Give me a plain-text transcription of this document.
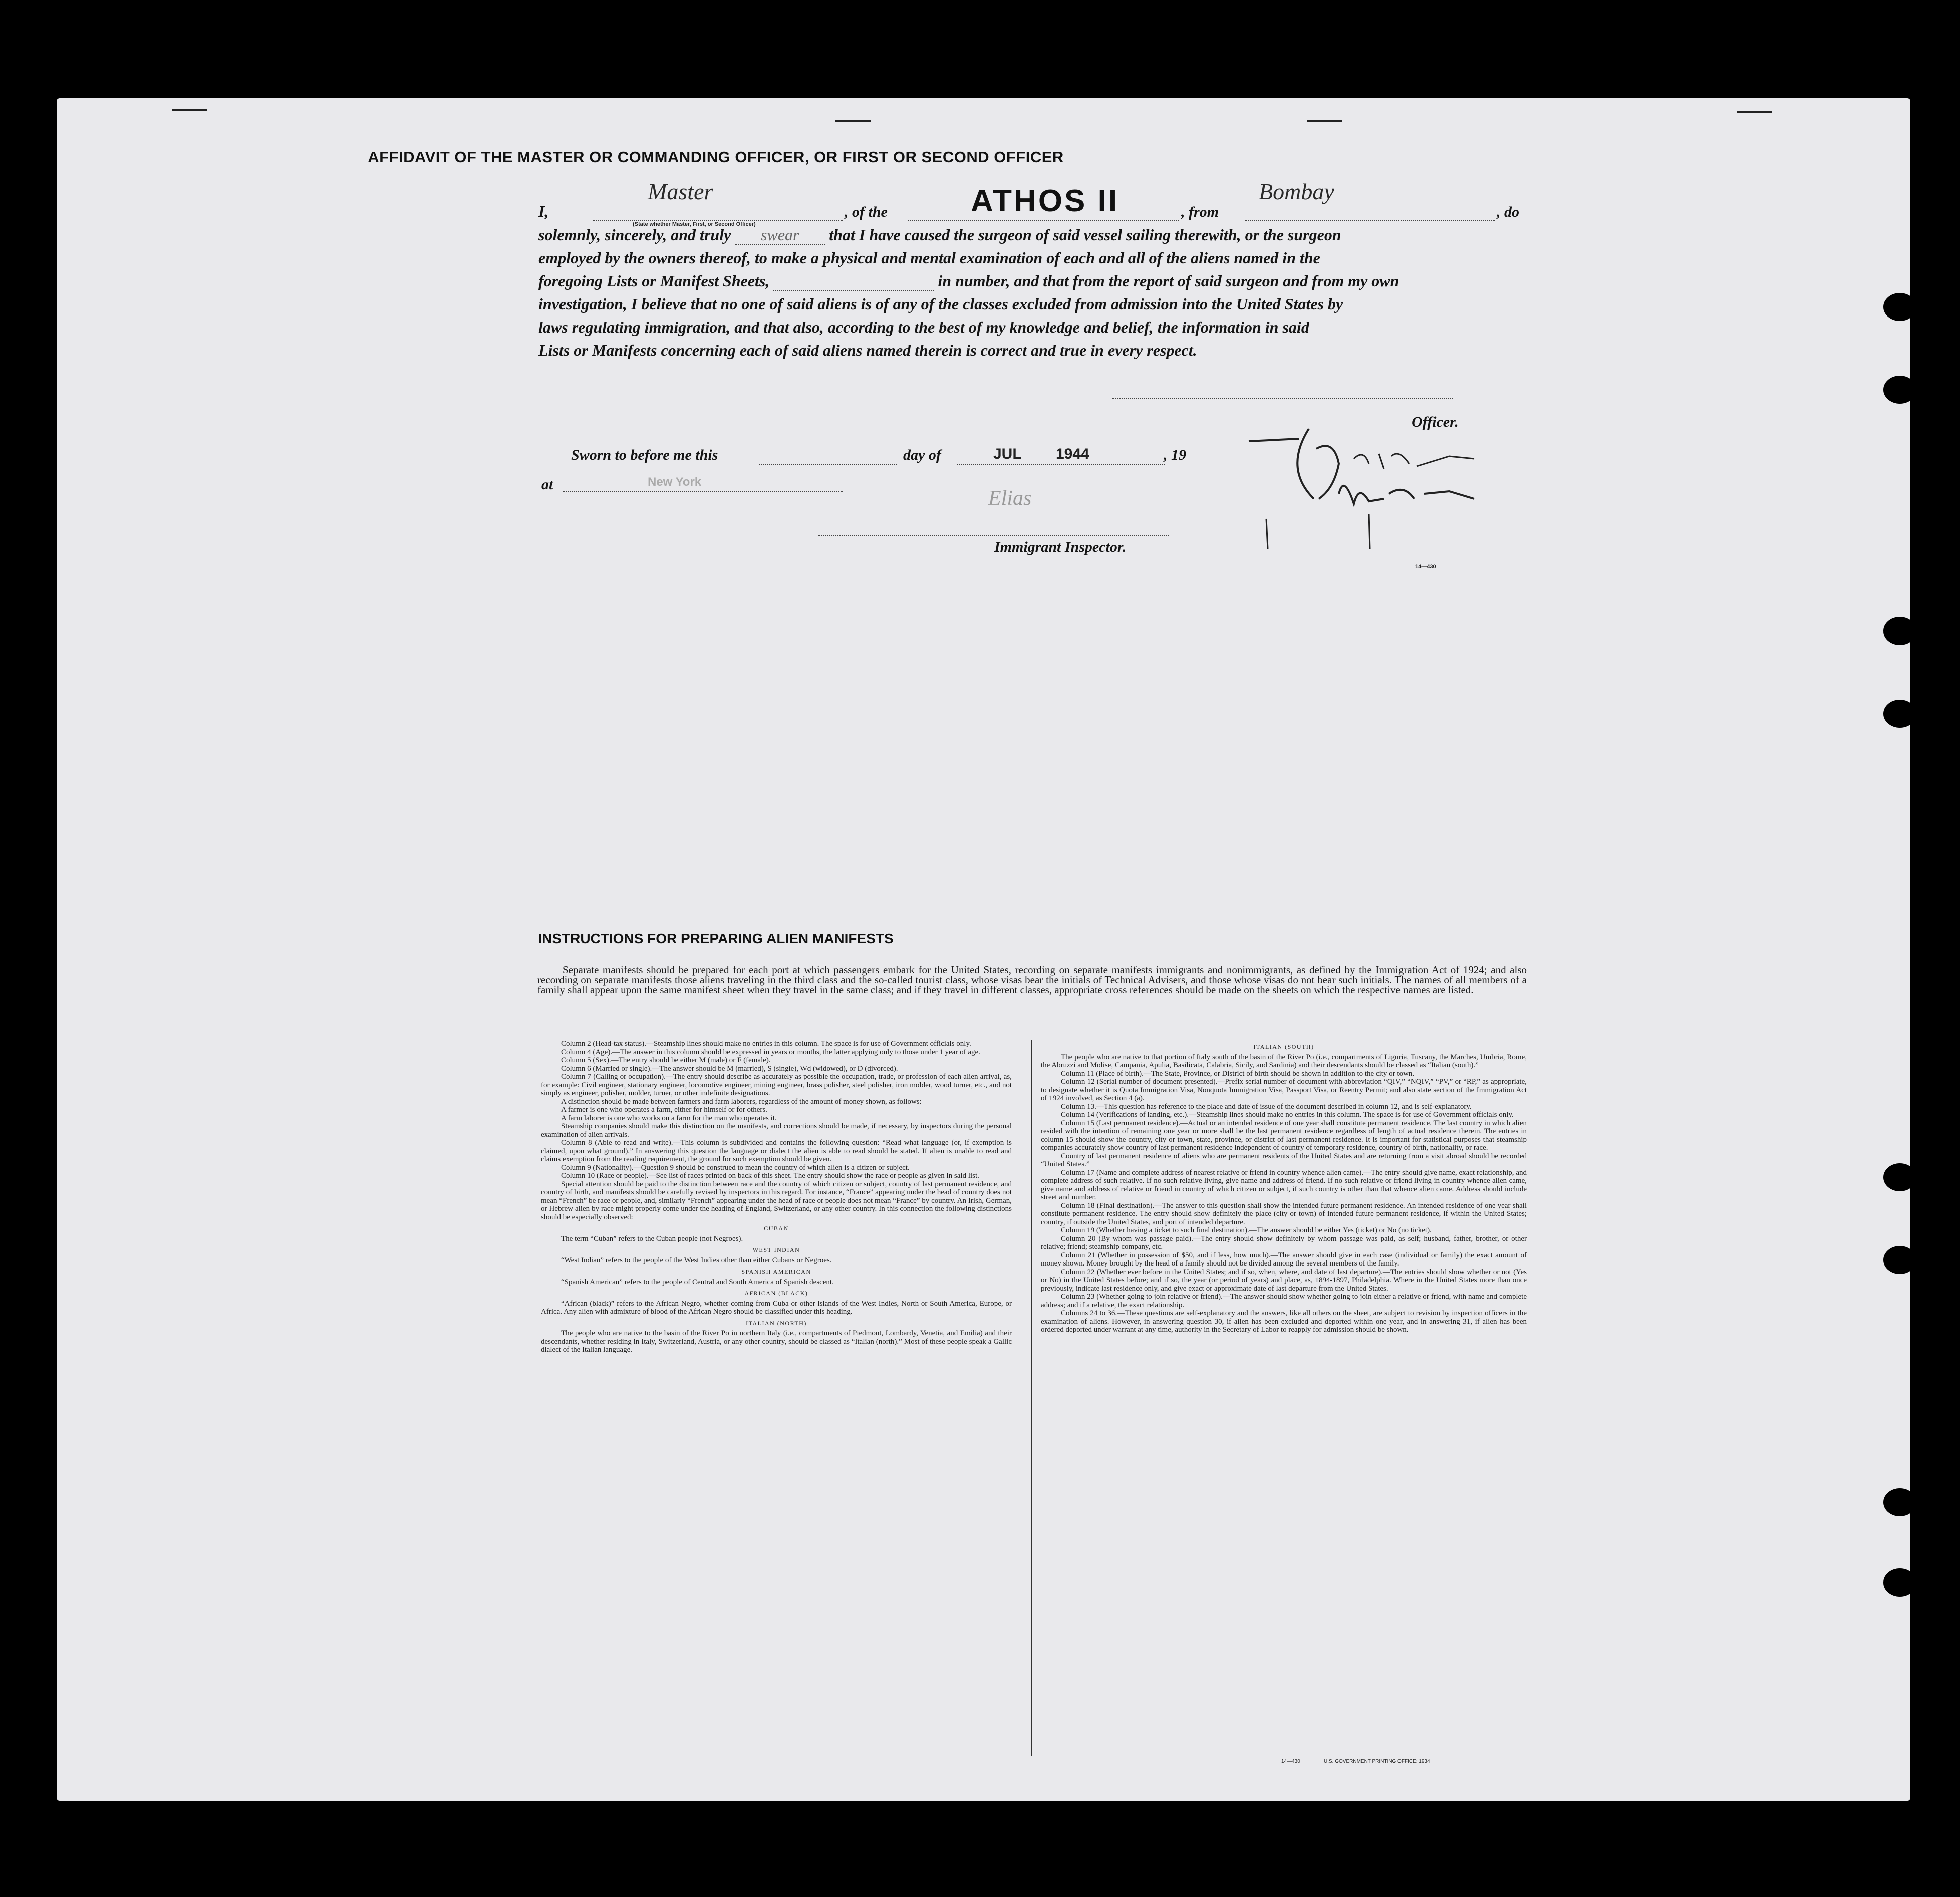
AFFIDAVIT OF THE MASTER OR COMMANDING OFFICER, OR FIRST OR SECOND OFFICER
I,
Master
(State whether Master, First, or Second Officer)
, of the	ATHOS II	, from
Bombay
, do
solemnly, sincerely, and truly swear that I have caused the surgeon of said vessel sailing therewith, or the surgeon
employed by the owners thereof, to make a physical and mental examination of each and all of the aliens named in the
foregoing Lists or Manifest Sheets,	in number, and that from the report of said surgeon and from my own
investigation, I believe that no one of said aliens is of any of the classes excluded from admission into the United States by
laws regulating immigration, and that also, according to the best of my knowledge and belief, the information in said
Lists or Manifests concerning each of said aliens named therein is correct and true in every respect.
Officer.
Sworn to before me this	day of	JUL 1944	, 19
at	New York
Elias
Immigrant Inspector.
14—430
INSTRUCTIONS FOR PREPARING ALIEN MANIFESTS
Separate manifests should be prepared for each port at which passengers embark for the United States, recording on separate manifests immigrants and nonimmigrants, as defined by the Immigration Act of 1924; and also recording on separate manifests those aliens traveling in the third class and the so-called tourist class, whose visas bear the initials of Technical Advisers, and those whose visas do not bear such initials. The names of all members of a family shall appear upon the same manifest sheet when they travel in the same class; and if they travel in different classes, appropriate cross references should be made on the sheets on which the respective names are listed.

Column 2 (Head-tax status).—Steamship lines should make no entries in this column. The space is for use of Government officials only.

Column 4 (Age).—The answer in this column should be expressed in years or months, the latter applying only to those under 1 year of age.

Column 5 (Sex).—The entry should be either M (male) or F (female).

Column 6 (Married or single).—The answer should be M (married), S (single), Wd (widowed), or D (divorced).

Column 7 (Calling or occupation).—The entry should describe as accurately as possible the occupation, trade, or profession of each alien arrival, as, for example: Civil engineer, stationary engineer, locomotive engineer, mining engineer, brass polisher, steel polisher, iron molder, wood turner, etc., and not simply as engineer, polisher, molder, turner, or other indefinite designations.

A distinction should be made between farmers and farm laborers, regardless of the amount of money shown, as follows:

A farmer is one who operates a farm, either for himself or for others.

A farm laborer is one who works on a farm for the man who operates it.

Steamship companies should make this distinction on the manifests, and corrections should be made, if necessary, by inspectors during the personal examination of alien arrivals.

Column 8 (Able to read and write).—This column is subdivided and contains the following question: “Read what language (or, if exemption is claimed, upon what ground).” In answering this question the language or dialect the alien is able to read should be stated. If alien is unable to read and claims exemption from the reading requirement, the ground for such exemption should be given.

Column 9 (Nationality).—Question 9 should be construed to mean the country of which alien is a citizen or subject.

Column 10 (Race or people).—See list of races printed on back of this sheet. The entry should show the race or people as given in said list.

Special attention should be paid to the distinction between race and the country of which citizen or subject, country of last permanent residence, and country of birth, and manifests should be carefully revised by inspectors in this regard. For instance, “France” appearing under the head of country does not mean “French” be race or people, and, similarly “French” appearing under the head of race or people does not mean “France” by country. An Irish, German, or Hebrew alien by race might properly come under the heading of England, Switzerland, or any other country. In this connection the following distinctions should be especially observed:

CUBAN

The term “Cuban” refers to the Cuban people (not Negroes).

WEST INDIAN

“West Indian” refers to the people of the West Indies other than either Cubans or Negroes.

SPANISH AMERICAN

“Spanish American” refers to the people of Central and South America of Spanish descent.

AFRICAN (BLACK)

“African (black)” refers to the African Negro, whether coming from Cuba or other islands of the West Indies, North or South America, Europe, or Africa. Any alien with admixture of blood of the African Negro should be classified under this heading.

ITALIAN (NORTH)

The people who are native to the basin of the River Po in northern Italy (i.e., compartments of Piedmont, Lombardy, Venetia, and Emilia) and their descendants, whether residing in Italy, Switzerland, Austria, or any other country, should be classed as “Italian (north).” Most of these people speak a Gallic dialect of the Italian language.

ITALIAN (SOUTH)

The people who are native to that portion of Italy south of the basin of the River Po (i.e., compartments of Liguria, Tuscany, the Marches, Umbria, Rome, the Abruzzi and Molise, Campania, Apulia, Basilicata, Calabria, Sicily, and Sardinia) and their descendants should be classed as “Italian (south).”

Column 11 (Place of birth).—The State, Province, or District of birth should be shown in addition to the city or town.

Column 12 (Serial number of document presented).—Prefix serial number of document with abbreviation “QIV,” “NQIV,” “PV,” or “RP,” as appropriate, to designate whether it is Quota Immigration Visa, Nonquota Immigration Visa, Passport Visa, or Reentry Permit; and also state section of the Immigration Act of 1924 involved, as Section 4 (a).

Column 13.—This question has reference to the place and date of issue of the document described in column 12, and is self-explanatory.

Column 14 (Verifications of landing, etc.).—Steamship lines should make no entries in this column. The space is for use of Government officials only.

Column 15 (Last permanent residence).—Actual or an intended residence of one year shall constitute permanent residence. The last country in which alien resided with the intention of remaining one year or more shall be the last permanent residence regardless of length of actual residence therein. The entries in column 15 should show the country, city or town, state, province, or district of last permanent residence. It is important for statistical purposes that steamship companies accurately show country of last permanent residence independent of country of temporary residence, country of birth, nationality, or race.

Country of last permanent residence of aliens who are permanent residents of the United States and are returning from a visit abroad should be recorded “United States.”

Column 17 (Name and complete address of nearest relative or friend in country whence alien came).—The entry should give name, exact relationship, and complete address of such relative. If no such relative living, give name and address of friend. If no such relative or friend living in country whence alien came, give name and address of relative or friend in country of which citizen or subject, if such country is other than that whence alien came. Address should include street and number.

Column 18 (Final destination).—The answer to this question shall show the intended future permanent residence. An intended residence of one year shall constitute permanent residence. The entry should show definitely the place (city or town) of intended future permanent residence, if within the United States; country, if outside the United States, and port of intended departure.

Column 19 (Whether having a ticket to such final destination).—The answer should be either Yes (ticket) or No (no ticket).

Column 20 (By whom was passage paid).—The entry should show definitely by whom passage was paid, as self; husband, father, brother, or other relative; friend; steamship company, etc.

Column 21 (Whether in possession of $50, and if less, how much).—The answer should give in each case (individual or family) the exact amount of money shown. Money brought by the head of a family should not be divided among the several members of the family.

Column 22 (Whether ever before in the United States; and if so, when, where, and date of last departure).—The entries should show whether or not (Yes or No) in the United States before; and if so, the year (or period of years) and place, as, 1894-1897, Philadelphia. Where in the United States more than once previously, indicate last residence only, and give exact or approximate date of last departure from the United States.

Column 23 (Whether going to join relative or friend).—The answer should show whether going to join either a relative or friend, with name and complete address; and if a relative, the exact relationship.

Columns 24 to 36.—These questions are self-explanatory and the answers, like all others on the sheet, are subject to revision by inspection officers in the examination of aliens. However, in answering question 30, if alien has been excluded and deported within one year, and in answering 31, if alien has been ordered deported under warrant at any time, authority in the Secretary of Labor to reapply for admission should be shown.

14—430	U.S. GOVERNMENT PRINTING OFFICE: 1934
